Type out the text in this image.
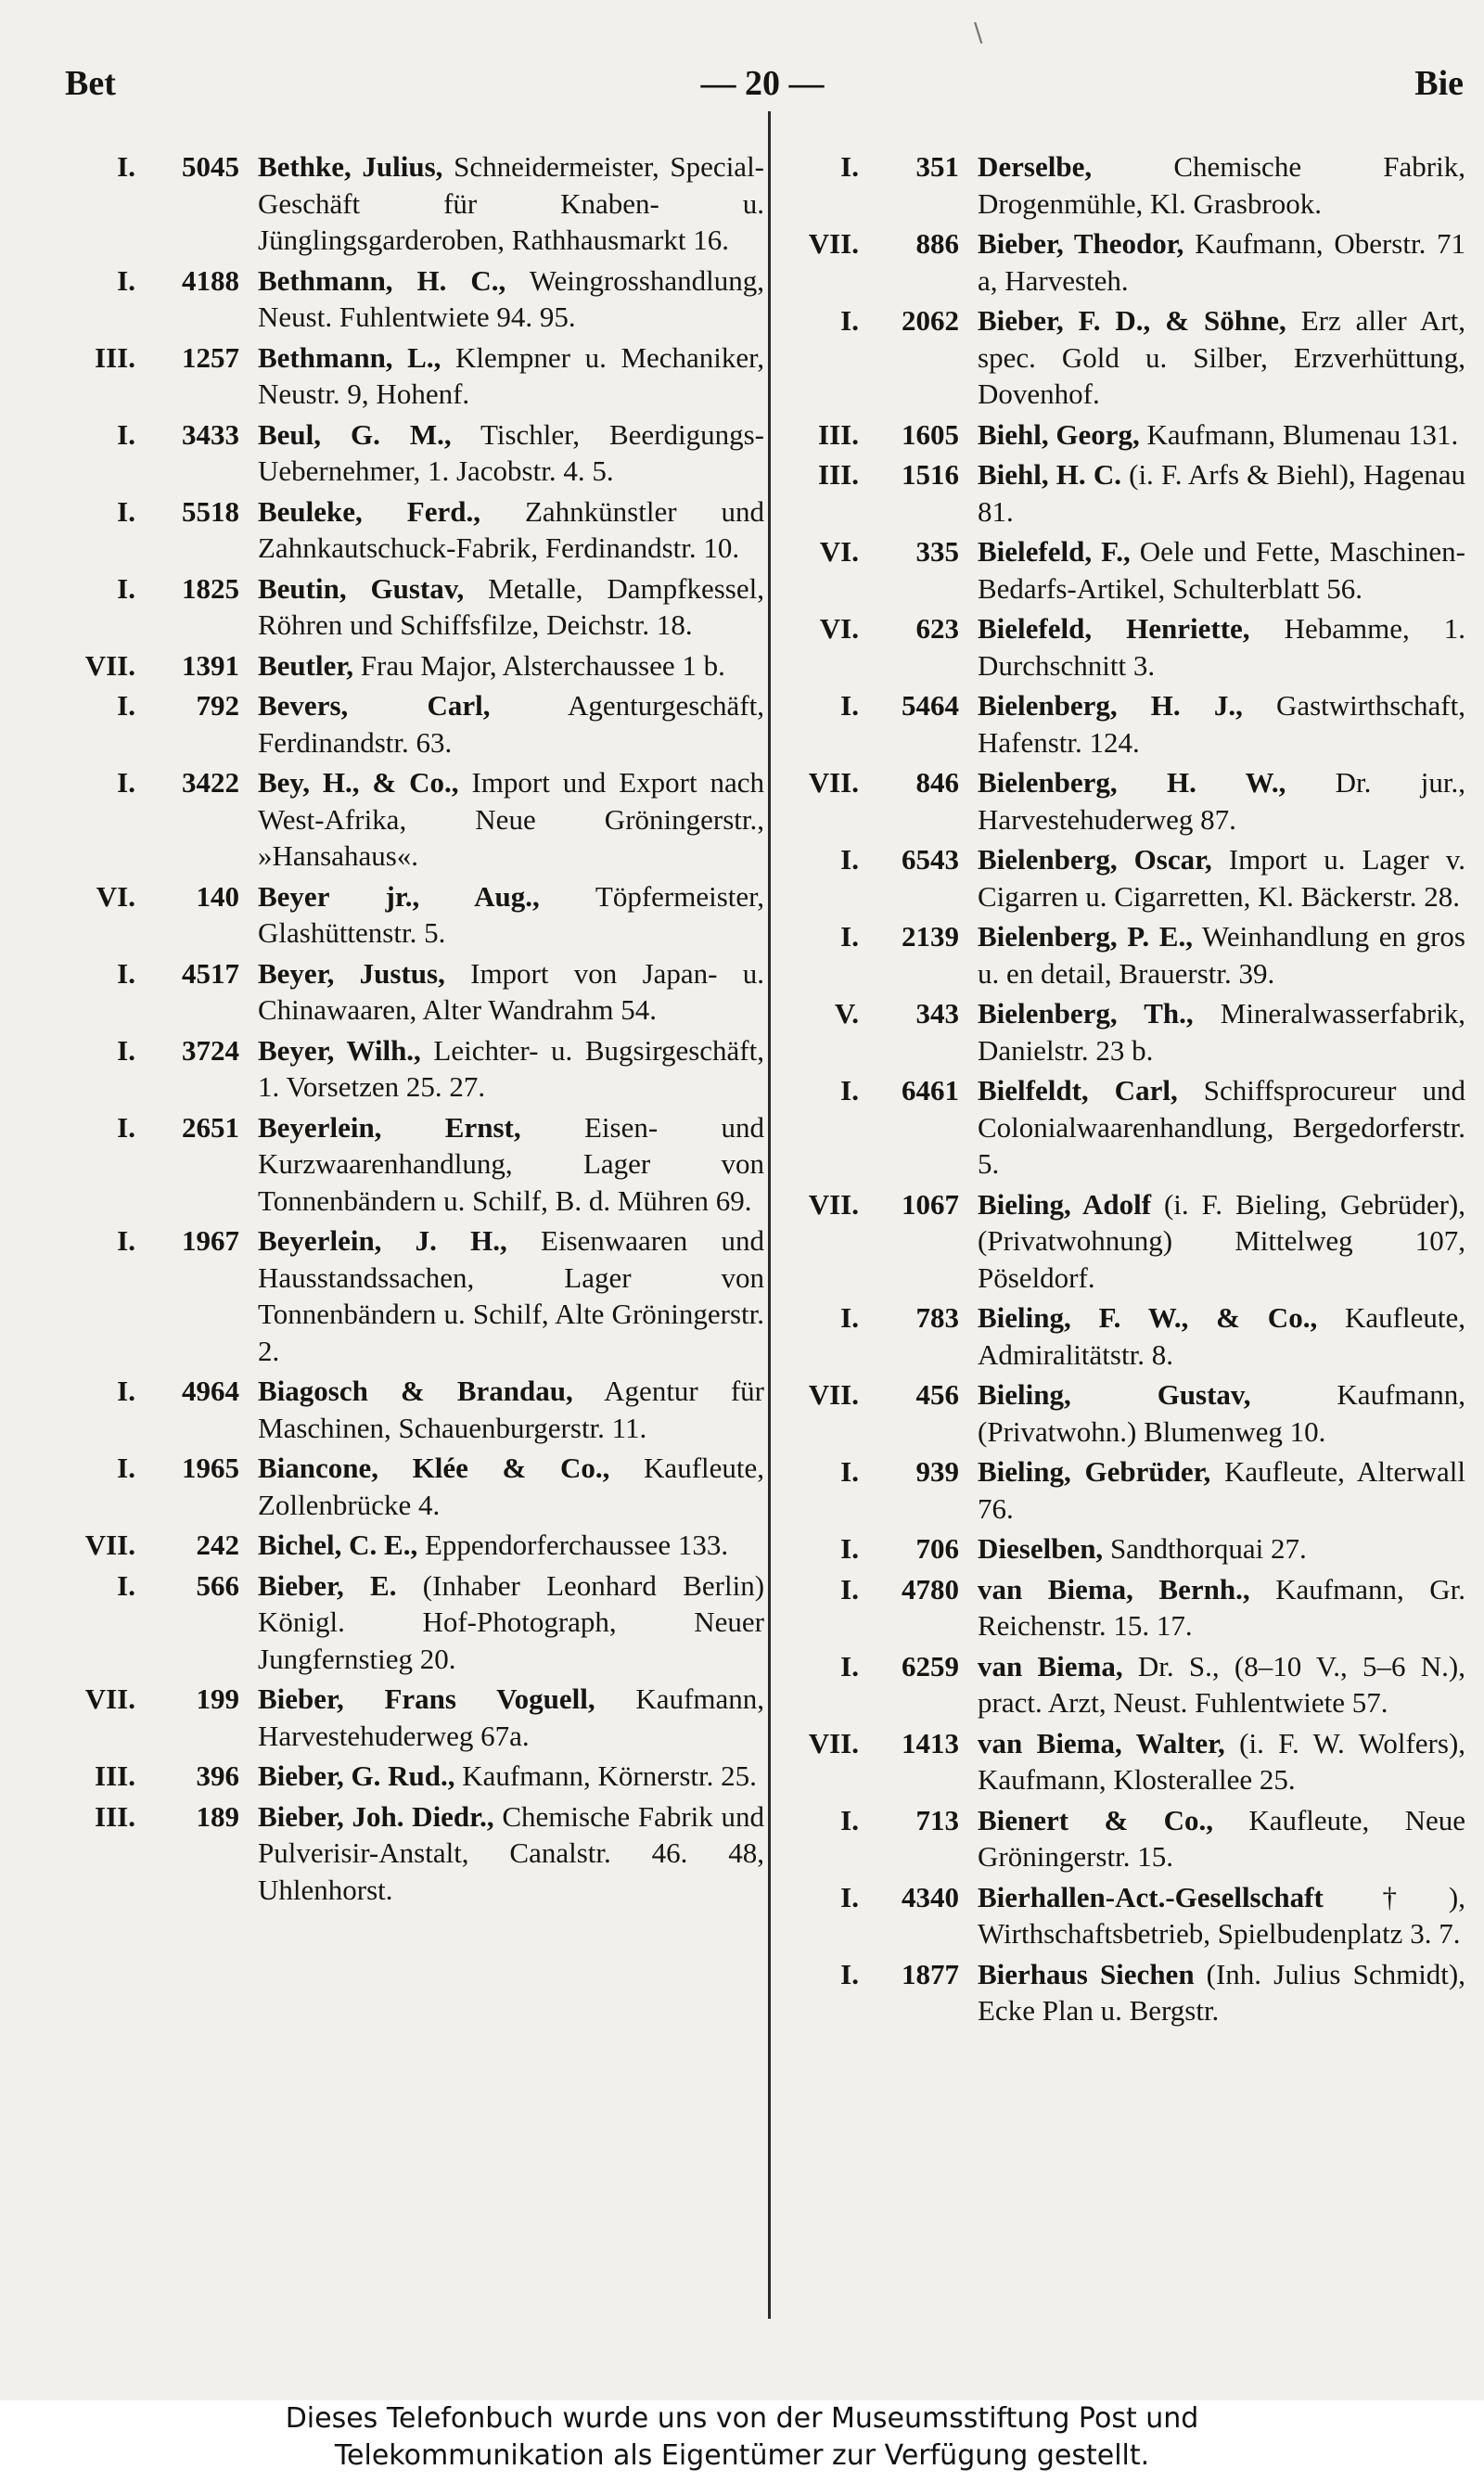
Bet	— 20 —	Bie
\
I.	5045 Bethke, Julius, Schneidermeister, Special-Geschäft für Knaben- u. Jünglingsgarderoben, Rathhausmarkt 16.
I.	4188 Bethmann, H. C., Weingrosshandlung, Neust. Fuhlentwiete 94. 95.
III.	1257 Bethmann, L., Klempner u. Mechaniker, Neustr. 9, Hohenf.
I.	3433 Beul, G. M., Tischler, Beerdigungs-Uebernehmer, 1. Jacobstr. 4. 5.
I.	5518 Beuleke, Ferd., Zahnkünstler und Zahnkautschuck-Fabrik, Ferdinandstr. 10.
I.	1825 Beutin, Gustav, Metalle, Dampfkessel, Röhren und Schiffsfilze, Deichstr. 18.
VII.	1391 Beutler, Frau Major, Alsterchaussee 1 b.
I.	792 Bevers, Carl,	Agenturgeschäft, Ferdinandstr. 63.
I.	3422 Bey, H., & Co., Import und Export nach West-Afrika, Neue Gröningerstr., »Hansahaus«.
VI.	140 Beyer jr., Aug., Töpfermeister, Glashüttenstr. 5.
I.	4517 Beyer, Justus, Import von Japan- u. Chinawaaren, Alter Wandrahm 54.
I.	3724 Beyer, Wilh., Leichter- u. Bugsirgeschäft, 1. Vorsetzen 25. 27.
I.	2651 Beyerlein, Ernst, Eisen- und Kurzwaarenhandlung, Lager von Tonnenbändern u. Schilf, B. d. Mühren 69.
I.	1967 Beyerlein, J. H., Eisenwaaren und Hausstandssachen, Lager von Tonnenbändern u. Schilf, Alte Gröningerstr. 2.
I.	4964 Biagosch & Brandau, Agentur für Maschinen, Schauenburgerstr. 11.
I.	1965 Biancone, Klée & Co., Kaufleute, Zollenbrücke 4.
VII.	242 Bichel, C. E., Eppendorferchaussee 133.
I.	566 Bieber, E. (Inhaber Leonhard Berlin) Königl. Hof-Photograph, Neuer Jungfernstieg 20.
VII.	199 Bieber, Frans Voguell, Kaufmann, Harvestehuderweg 67a.
III.	396 Bieber, G. Rud., Kaufmann, Körnerstr. 25.
III.	189 Bieber, Joh. Diedr., Chemische Fabrik und Pulverisir-Anstalt, Canalstr. 46. 48, Uhlenhorst.
I.	351 Derselbe,	Chemische Fabrik, Drogenmühle, Kl. Grasbrook.
VII.	886 Bieber, Theodor, Kaufmann, Oberstr. 71 a, Harvesteh.
I.	2062 Bieber, F. D., & Söhne, Erz aller Art, spec. Gold u. Silber, Erzverhüttung, Dovenhof.
III.	1605 Biehl, Georg, Kaufmann, Blumenau 131.
III.	1516 Biehl, H. C. (i. F. Arfs & Biehl), Hagenau 81.
VI.	335 Bielefeld, F., Oele und Fette, Maschinen-Bedarfs-Artikel, Schulterblatt 56.
VI.	623 Bielefeld, Henriette, Hebamme, 1. Durchschnitt 3.
I.	5464 Bielenberg, H. J., Gastwirthschaft, Hafenstr. 124.
VII.	846 Bielenberg, H. W., Dr. jur., Harvestehuderweg 87.
I.	6543 Bielenberg, Oscar, Import u. Lager v. Cigarren u. Cigarretten, Kl. Bäckerstr. 28.
I.	2139 Bielenberg, P. E., Weinhandlung en gros u. en detail, Brauerstr. 39.
V.	343 Bielenberg, Th., Mineralwasserfabrik, Danielstr. 23 b.
I.	6461 Bielfeldt, Carl, Schiffsprocureur und Colonialwaarenhandlung, Bergedorferstr. 5.
VII.	1067 Bieling, Adolf (i. F. Bieling, Gebrüder), (Privatwohnung) Mittelweg 107, Pöseldorf.
I.	783 Bieling, F. W., & Co., Kaufleute, Admiralitätstr. 8.
VII.	456 Bieling, Gustav,	Kaufmann, (Privatwohn.) Blumenweg 10.
I.	939 Bieling, Gebrüder, Kaufleute, Alterwall 76.
I.	706 Dieselben, Sandthorquai 27.
I.	4780 van Biema, Bernh., Kaufmann, Gr. Reichenstr. 15. 17.
I.	6259 van Biema, Dr. S., (8–10 V., 5–6 N.), pract. Arzt, Neust. Fuhlentwiete 57.
VII.	1413 van Biema, Walter, (i. F. W. Wolfers), Kaufmann, Klosterallee 25.
I.	713 Bienert & Co., Kaufleute, Neue Gröningerstr. 15.
I.	4340 Bierhallen-Act.-Gesellschaft †), Wirthschaftsbetrieb, Spielbudenplatz 3. 7.
I.	1877 Bierhaus Siechen (Inh. Julius Schmidt), Ecke Plan u. Bergstr.
Dieses Telefonbuch wurde uns von der Museumsstiftung Post und
Telekommunikation als Eigentümer zur Verfügung gestellt.
